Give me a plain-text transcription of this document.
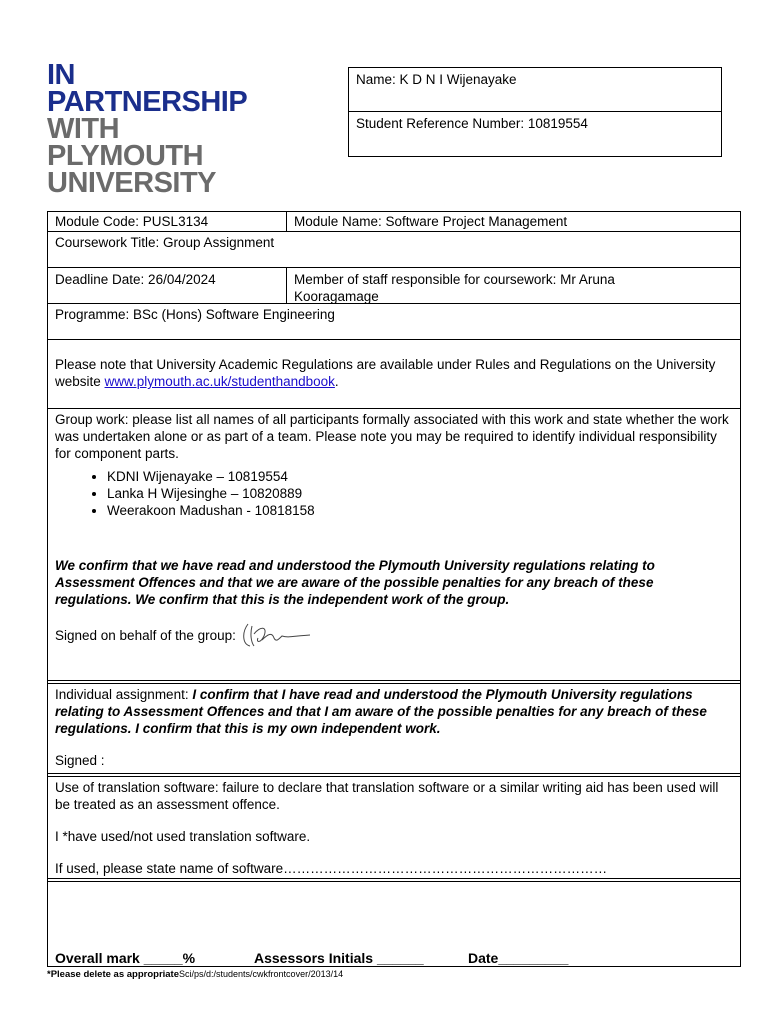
IN
PARTNERSHIP
WITH
PLYMOUTH
UNIVERSITY
Name: K D N I Wijenayake
Student Reference Number: 10819554
Module Code: PUSL3134	Module Name: Software Project Management
Coursework Title: Group Assignment
Deadline Date: 26/04/2024	Member of staff responsible for coursework: Mr Aruna Kooragamage
Programme: BSc (Hons) Software Engineering
Please note that University Academic Regulations are available under Rules and Regulations on the University website www.plymouth.ac.uk/studenthandbook.
Group work: please list all names of all participants formally associated with this work and state whether the work was undertaken alone or as part of a team. Please note you may be required to identify individual responsibility for component parts.
• KDNI Wijenayake – 10819554
• Lanka H Wijesinghe – 10820889
• Weerakoon Madushan - 10818158
We confirm that we have read and understood the Plymouth University regulations relating to Assessment Offences and that we are aware of the possible penalties for any breach of these regulations. We confirm that this is the independent work of the group.
Signed on behalf of the group:
Individual assignment: I confirm that I have read and understood the Plymouth University regulations relating to Assessment Offences and that I am aware of the possible penalties for any breach of these regulations. I confirm that this is my own independent work.
Signed :
Use of translation software: failure to declare that translation software or a similar writing aid has been used will be treated as an assessment offence.
I *have used/not used translation software.
If used, please state name of software………………………………………………………………
Overall mark _____%	Assessors Initials ______	Date_________
*Please delete as appropriateSci/ps/d:/students/cwkfrontcover/2013/14
